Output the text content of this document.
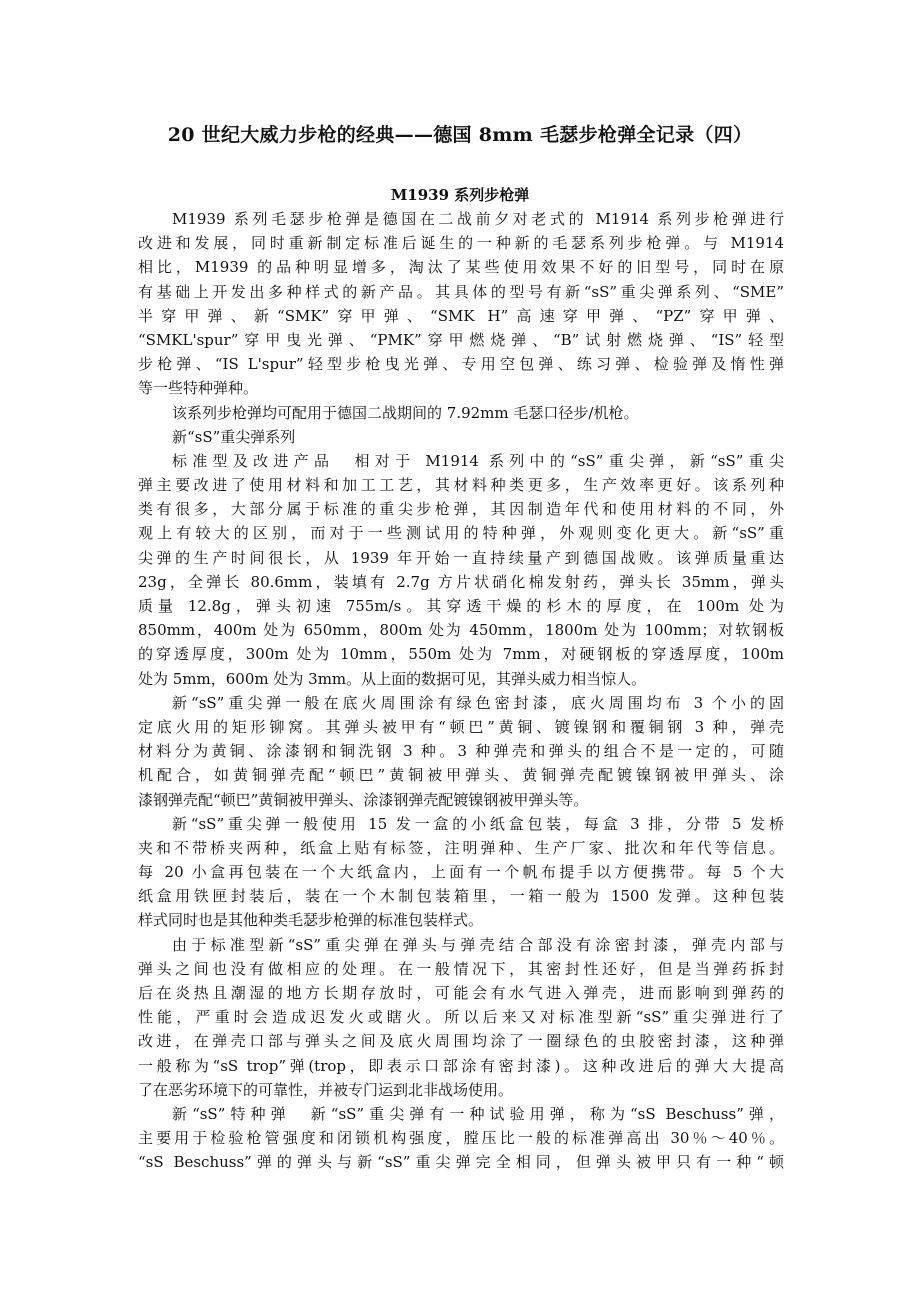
20 世纪大威力步枪的经典——德国 8mm 毛瑟步枪弹全记录（四）
M1939 系列步枪弹
M1939 系列毛瑟步枪弹是德国在二战前夕对老式的 M1914 系列步枪弹进行
改进和发展，同时重新制定标准后诞生的一种新的毛瑟系列步枪弹。与 M1914
相比，M1939 的品种明显增多，淘汰了某些使用效果不好的旧型号，同时在原
有基础上开发出多种样式的新产品。其具体的型号有新“sS”重尖弹系列、“SME”
半穿甲弹、新“SMK”穿甲弹、“SMK H”高速穿甲弹、“PZ”穿甲弹、
“SMKL'spur”穿甲曳光弹、“PMK”穿甲燃烧弹、“B”试射燃烧弹、“IS”轻型
步枪弹、“IS L'spur”轻型步枪曳光弹、专用空包弹、练习弹、检验弹及惰性弹
等一些特种弹种。
该系列步枪弹均可配用于德国二战期间的 7.92mm 毛瑟口径步/机枪。
新“sS”重尖弹系列
标准型及改进产品　相对于 M1914 系列中的“sS”重尖弹，新“sS”重尖
弹主要改进了使用材料和加工工艺，其材料种类更多，生产效率更好。该系列种
类有很多，大部分属于标准的重尖步枪弹，其因制造年代和使用材料的不同，外
观上有较大的区别，而对于一些测试用的特种弹，外观则变化更大。新“sS”重
尖弹的生产时间很长，从 1939 年开始一直持续量产到德国战败。该弹质量重达
23g，全弹长 80.6mm，装填有 2.7g 方片状硝化棉发射药，弹头长 35mm，弹头
质量 12.8g，弹头初速 755m/s。其穿透干燥的杉木的厚度，在 100m 处为
850mm，400m 处为 650mm，800m 处为 450mm，1800m 处为 100mm；对软钢板
的穿透厚度，300m 处为 10mm，550m 处为 7mm，对硬钢板的穿透厚度，100m
处为 5mm，600m 处为 3mm。从上面的数据可见，其弹头威力相当惊人。
新“sS”重尖弹一般在底火周围涂有绿色密封漆，底火周围均布 3 个小的固
定底火用的矩形铆窝。其弹头被甲有“顿巴”黄铜、镀镍钢和覆铜钢 3 种，弹壳
材料分为黄铜、涂漆钢和铜洗钢 3 种。3 种弹壳和弹头的组合不是一定的，可随
机配合，如黄铜弹壳配“顿巴”黄铜被甲弹头、黄铜弹壳配镀镍钢被甲弹头、涂
漆钢弹壳配“顿巴”黄铜被甲弹头、涂漆钢弹壳配镀镍钢被甲弹头等。
新“sS”重尖弹一般使用 15 发一盒的小纸盒包装，每盒 3 排，分带 5 发桥
夹和不带桥夹两种，纸盒上贴有标签，注明弹种、生产厂家、批次和年代等信息。
每 20 小盒再包装在一个大纸盒内，上面有一个帆布提手以方便携带。每 5 个大
纸盒用铁匣封装后，装在一个木制包装箱里，一箱一般为 1500 发弹。这种包装
样式同时也是其他种类毛瑟步枪弹的标准包装样式。
由于标准型新“sS”重尖弹在弹头与弹壳结合部没有涂密封漆，弹壳内部与
弹头之间也没有做相应的处理。在一般情况下，其密封性还好，但是当弹药拆封
后在炎热且潮湿的地方长期存放时，可能会有水气进入弹壳，进而影响到弹药的
性能，严重时会造成迟发火或瞎火。所以后来又对标准型新“sS”重尖弹进行了
改进，在弹壳口部与弹头之间及底火周围均涂了一圈绿色的虫胶密封漆，这种弹
一般称为“sS trop”弹(trop，即表示口部涂有密封漆)。这种改进后的弹大大提高
了在恶劣环境下的可靠性，并被专门运到北非战场使用。
新“sS”特种弹　新“sS”重尖弹有一种试验用弹，称为“sS Beschuss”弹，
主要用于检验枪管强度和闭锁机构强度，膛压比一般的标准弹高出 30％～40％。
“sS Beschuss”弹的弹头与新“sS”重尖弹完全相同，但弹头被甲只有一种“顿
